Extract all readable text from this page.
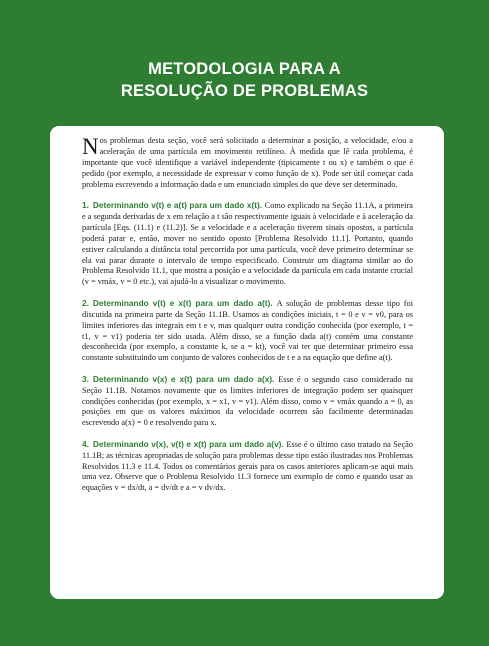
METODOLOGIA PARA A
RESOLUÇÃO DE PROBLEMAS

N os problemas desta seção, você será solicitado a determinar a posição, a velocidade, e/ou a aceleração de uma partícula em movimento retilíneo. À medida que lê cada problema, é importante que você identifique a variável independente (tipicamente t ou x) e também o que é pedido (por exemplo, a necessidade de expressar v como função de x). Pode ser útil começar cada problema escrevendo a informação dada e um enunciado simples do que deve ser determinado.

1. Determinando v(t) e a(t) para um dado x(t). Como explicado na Seção 11.1A, a primeira e a segunda derivadas de x em relação a t são respectivamente iguais à velocidade e à aceleração da partícula [Eqs. (11.1) e (11.2)]. Se a velocidade e a aceleração tiverem sinais opostos, a partícula poderá parar e, então, mover no sentido oposto [Problema Resolvido 11.1]. Portanto, quando estiver calculando a distância total percorrida por uma partícula, você deve primeiro determinar se ela vai parar durante o intervalo de tempo especificado. Construir um diagrama similar ao do Problema Resolvido 11.1, que mostra a posição e a velocidade da partícula em cada instante crucial (v = vmáx, v = 0 etc.), vai ajudá-lo a visualizar o movimento.

2. Determinando v(t) e x(t) para um dado a(t). A solução de problemas desse tipo foi discutida na primeira parte da Seção 11.1B. Usamos as condições iniciais, t = 0 e v = v0, para os limites inferiores das integrais em t e v, mas qualquer outra condição conhecida (por exemplo, t = t1, v = v1) poderia ter sido usada. Além disso, se a função dada a(t) contém uma constante desconhecida (por exemplo, a constante k, se a = kt), você vai ter que determinar primeiro essa constante substituindo um conjunto de valores conhecidos de t e a na equação que define a(t).

3. Determinando v(x) e x(t) para um dado a(x). Esse é o segundo caso considerado na Seção 11.1B. Notamos novamente que os limites inferiores de integração podem ser quaisquer condições conhecidas (por exemplo, x = x1, v = v1). Além disso, como v = vmáx quando a = 0, as posições em que os valores máximos da velocidade ocorrem são facilmente determinadas escrevendo a(x) = 0 e resolvendo para x.

4. Determinando v(x), v(t) e x(t) para um dado a(v). Esse é o último caso tratado na Seção 11.1B; as técnicas apropriadas de solução para problemas desse tipo estão ilustradas nos Problemas Resolvidos 11.3 e 11.4. Todos os comentários gerais para os casos anteriores aplicam-se aqui mais uma vez. Observe que o Problema Resolvido 11.3 fornece um exemplo de como e quando usar as equações v = dx/dt, a = dv/dt e a = v dv/dx.
